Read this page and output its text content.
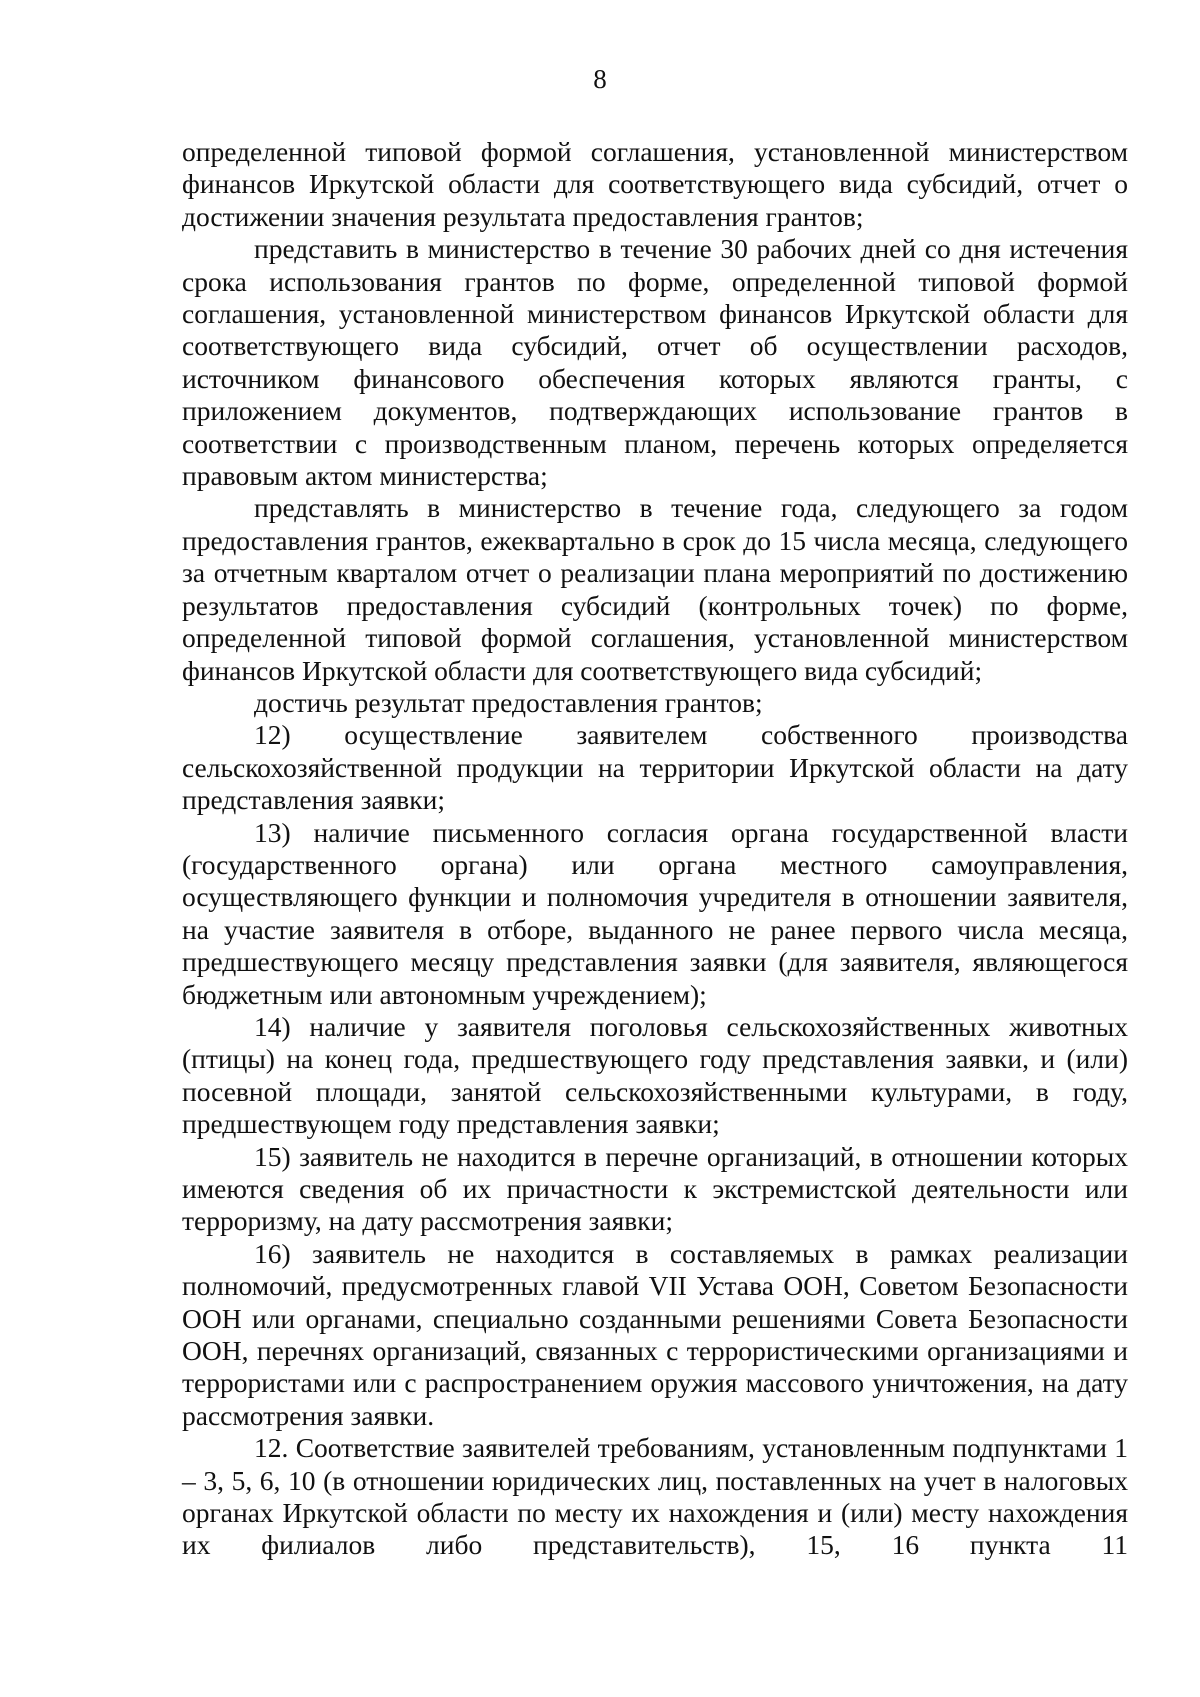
8

определенной типовой формой соглашения, установленной министерством финансов Иркутской области для соответствующего вида субсидий, отчет о достижении значения результата предоставления грантов;

представить в министерство в течение 30 рабочих дней со дня истечения срока использования грантов по форме, определенной типовой формой соглашения, установленной министерством финансов Иркутской области для соответствующего вида субсидий, отчет об осуществлении расходов, источником финансового обеспечения которых являются гранты, с приложением документов, подтверждающих использование грантов в соответствии с производственным планом, перечень которых определяется правовым актом министерства;

представлять в министерство в течение года, следующего за годом предоставления грантов, ежеквартально в срок до 15 числа месяца, следующего за отчетным кварталом отчет о реализации плана мероприятий по достижению результатов предоставления субсидий (контрольных точек) по форме, определенной типовой формой соглашения, установленной министерством финансов Иркутской области для соответствующего вида субсидий;

достичь результат предоставления грантов;

12) осуществление заявителем собственного производства сельскохозяйственной продукции на территории Иркутской области на дату представления заявки;

13) наличие письменного согласия органа государственной власти (государственного органа) или органа местного самоуправления, осуществляющего функции и полномочия учредителя в отношении заявителя, на участие заявителя в отборе, выданного не ранее первого числа месяца, предшествующего месяцу представления заявки (для заявителя, являющегося бюджетным или автономным учреждением);

14) наличие у заявителя поголовья сельскохозяйственных животных (птицы) на конец года, предшествующего году представления заявки, и (или) посевной площади, занятой сельскохозяйственными культурами, в году, предшествующем году представления заявки;

15) заявитель не находится в перечне организаций, в отношении которых имеются сведения об их причастности к экстремистской деятельности или терроризму, на дату рассмотрения заявки;

16) заявитель не находится в составляемых в рамках реализации полномочий, предусмотренных главой VII Устава ООН, Советом Безопасности ООН или органами, специально созданными решениями Совета Безопасности ООН, перечнях организаций, связанных с террористическими организациями и террористами или с распространением оружия массового уничтожения, на дату рассмотрения заявки.

12. Соответствие заявителей требованиям, установленным подпунктами 1 – 3, 5, 6, 10 (в отношении юридических лиц, поставленных на учет в налоговых органах Иркутской области по месту их нахождения и (или) месту нахождения их филиалов либо представительств), 15, 16 пункта 11
